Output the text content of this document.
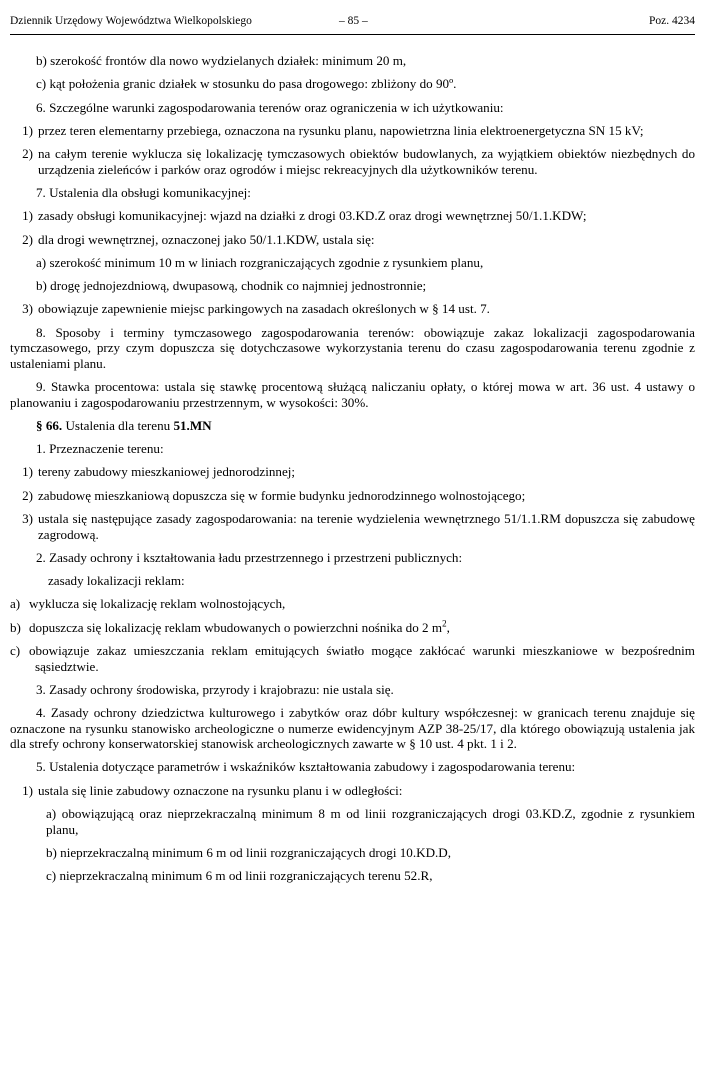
Dziennik Urzędowy Województwa Wielkopolskiego	– 85 –	Poz. 4234

b) szerokość frontów dla nowo wydzielanych działek: minimum 20 m,

c) kąt położenia granic działek w stosunku do pasa drogowego: zbliżony do 90º.

6. Szczególne warunki zagospodarowania terenów oraz ograniczenia w ich użytkowaniu:

1) przez teren elementarny przebiega, oznaczona na rysunku planu, napowietrzna linia elektroenergetyczna SN 15 kV;

2) na całym terenie wyklucza się lokalizację tymczasowych obiektów budowlanych, za wyjątkiem obiektów niezbędnych do urządzenia zieleńców i parków oraz ogrodów i miejsc rekreacyjnych dla użytkowników terenu.

7. Ustalenia dla obsługi komunikacyjnej:

1) zasady obsługi komunikacyjnej: wjazd na działki z drogi 03.KD.Z oraz drogi wewnętrznej 50/1.1.KDW;

2) dla drogi wewnętrznej, oznaczonej jako 50/1.1.KDW, ustala się:

a) szerokość minimum 10 m w liniach rozgraniczających zgodnie z rysunkiem planu,

b) drogę jednojezdniową, dwupasową, chodnik co najmniej jednostronnie;

3) obowiązuje zapewnienie miejsc parkingowych na zasadach określonych w § 14 ust. 7.

8. Sposoby i terminy tymczasowego zagospodarowania terenów: obowiązuje zakaz lokalizacji zagospodarowania tymczasowego, przy czym dopuszcza się dotychczasowe wykorzystania terenu do czasu zagospodarowania terenu zgodnie z ustaleniami planu.

9. Stawka procentowa: ustala się stawkę procentową służącą naliczaniu opłaty, o której mowa w art. 36 ust. 4 ustawy o planowaniu i zagospodarowaniu przestrzennym, w wysokości: 30%.

§ 66. Ustalenia dla terenu 51.MN

1. Przeznaczenie terenu:

1) tereny zabudowy mieszkaniowej jednorodzinnej;

2) zabudowę mieszkaniową dopuszcza się w formie budynku jednorodzinnego wolnostojącego;

3) ustala się następujące zasady zagospodarowania: na terenie wydzielenia wewnętrznego 51/1.1.RM dopuszcza się zabudowę zagrodową.

2. Zasady ochrony i kształtowania ładu przestrzennego i przestrzeni publicznych:

zasady lokalizacji reklam:

a) wyklucza się lokalizację reklam wolnostojących,

b) dopuszcza się lokalizację reklam wbudowanych o powierzchni nośnika do 2 $m^2$,

c) obowiązuje zakaz umieszczania reklam emitujących światło mogące zakłócać warunki mieszkaniowe w bezpośrednim sąsiedztwie.

3. Zasady ochrony środowiska, przyrody i krajobrazu: nie ustala się.

4. Zasady ochrony dziedzictwa kulturowego i zabytków oraz dóbr kultury współczesnej: w granicach terenu znajduje się oznaczone na rysunku stanowisko archeologiczne o numerze ewidencyjnym AZP 38-25/17, dla którego obowiązują ustalenia jak dla strefy ochrony konserwatorskiej stanowisk archeologicznych zawarte w § 10 ust. 4 pkt. 1 i 2.

5. Ustalenia dotyczące parametrów i wskaźników kształtowania zabudowy i zagospodarowania terenu:

1) ustala się linie zabudowy oznaczone na rysunku planu i w odległości:

a) obowiązującą oraz nieprzekraczalną minimum 8 m od linii rozgraniczających drogi 03.KD.Z, zgodnie z rysunkiem planu,

b) nieprzekraczalną minimum 6 m od linii rozgraniczających drogi 10.KD.D,

c) nieprzekraczalną minimum 6 m od linii rozgraniczających terenu 52.R,
